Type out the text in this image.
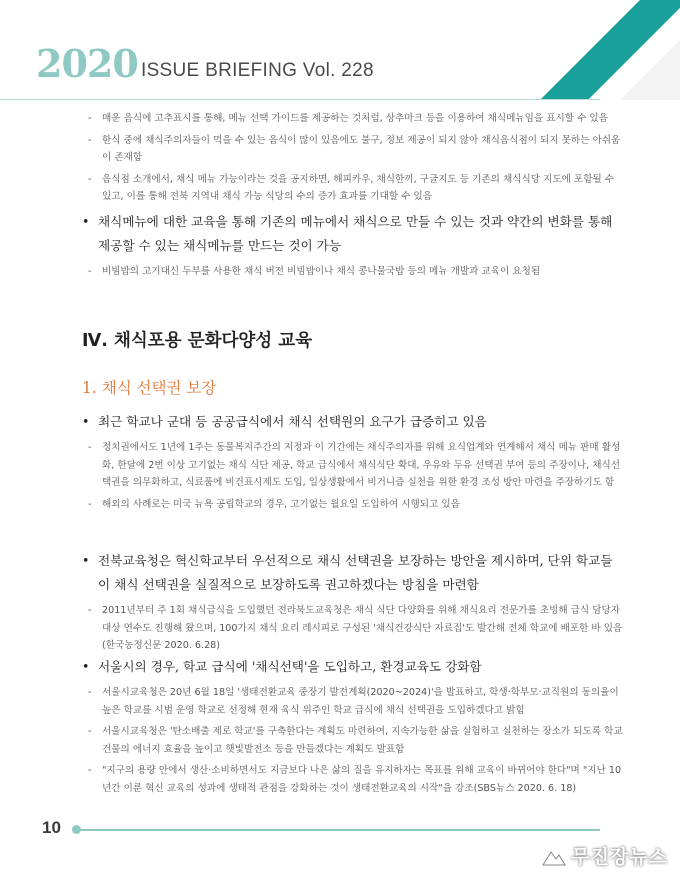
2020 ISSUE BRIEFING Vol. 228
- 매운 음식에 고추표시를 통해, 메뉴 선택 가이드를 제공하는 것처럼, 상추마크 등을 이용하여 채식메뉴임을 표시할 수 있음
- 한식 중에 채식주의자들이 먹을 수 있는 음식이 많이 있음에도 불구, 정보 제공이 되지 않아 채식음식점이 되지 못하는 아쉬움이 존재함
- 음식점 소개에서, 채식 메뉴 가능이라는 것을 공지하면, 해피카우, 채식한끼, 구글지도 등 기존의 채식식당 지도에 포함될 수 있고, 이를 통해 전북 지역내 채식 가능 식당의 수의 증가 효과를 기대할 수 있음
• 채식메뉴에 대한 교육을 통해 기존의 메뉴에서 채식으로 만들 수 있는 것과 약간의 변화를 통해 제공할 수 있는 채식메뉴를 만드는 것이 가능
- 비빔밥의 고기대신 두부를 사용한 채식 버전 비빔밥이나 채식 콩나물국밥 등의 메뉴 개발과 교육이 요청됨
Ⅳ. 채식포용 문화다양성 교육
1. 채식 선택권 보장
• 최근 학교나 군대 등 공공급식에서 채식 선택원의 요구가 급증히고 있음
- 정치권에서도 1년에 1주는 동물복지주간의 지정과 이 기간에는 채식주의자를 위해 요식업계와 연계해서 채식 메뉴 판매 활성화, 한달에 2번 이상 고기없는 채식 식단 제공, 학교 급식에서 채식식단 확대, 우유와 두유 선택권 부여 등의 주장이나, 채식선택권을 의무화하고, 식료품에 비건표시제도 도입, 일상생활에서 비거니즘 실천을 위한 환경 조성 방안 마련을 주장하기도 함
- 해외의 사례로는 미국 뉴욕 공립학교의 경우, 고기없는 월요일 도입하여 시행되고 있음
• 전북교육청은 혁신학교부터 우선적으로 채식 선택권을 보장하는 방안을 제시하며, 단위 학교들이 채식 선택권을 실질적으로 보장하도록 권고하겠다는 방침을 마련함
- 2011년부터 주 1회 채식급식을 도입했던 전라북도교육청은 채식 식단 다양화를 위해 채식요리 전문가를 초빙해 급식 담당자 대상 연수도 진행해 왔으며, 100가지 채식 요리 레시피로 구성된 '채식건강식단 자료집'도 발간해 전체 학교에 배포한 바 있음(한국농정신문 2020. 6.28)
• 서울시의 경우, 학교 급식에 '채식선택'을 도입하고, 환경교육도 강화함
- 서울시교육청은 20년 6월 18일 '생태전환교육 중장기 발전계획(2020~2024)'을 발표하고, 학생·학부모·교직원의 동의율이 높은 학교를 시범 운영 학교로 선정해 현재 육식 위주인 학교 급식에 채식 선택권을 도입하겠다고 밝힘
- 서울시교육청은 '탄소배출 제로 학교'를 구축한다는 계획도 마련하여, 지속가능한 삶을 실험하고 실천하는 장소가 되도록 학교 건물의 에너지 효율을 높이고 햇빛발전소 등을 만들겠다는 계획도 발표함
- "지구의 용량 안에서 생산·소비하면서도 지금보다 나은 삶의 질을 유지하자는 목표를 위해 교육이 바뀌어야 한다"며 "지난 10년간 이룬 혁신 교육의 성과에 생태적 관점을 강화하는 것이 생태전환교육의 시작"을 강조(SBS뉴스 2020. 6. 18)
10
무진장뉴스
